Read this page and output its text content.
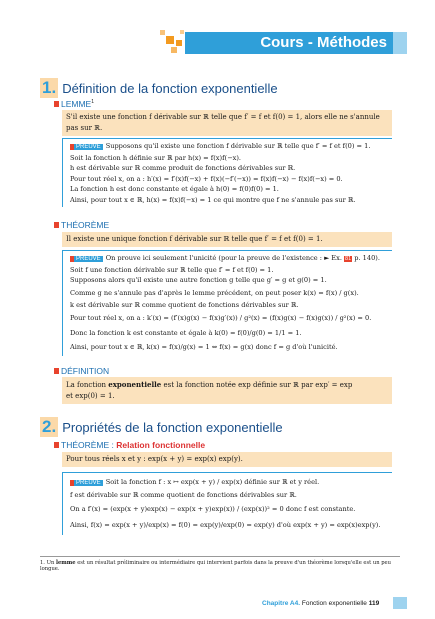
Cours - Méthodes
1. Définition de la fonction exponentielle
LEMME$^1$
S'il existe une fonction f dérivable sur ℝ telle que f′ = f et f(0) = 1, alors elle ne s'annule pas sur ℝ.
PREUVE Supposons qu'il existe une fonction f dérivable sur ℝ telle que f′ = f et f(0) = 1.
Soit la fonction h définie sur ℝ par h(x) = f(x)f(−x).
h est dérivable sur ℝ comme produit de fonctions dérivables sur ℝ.
Pour tout réel x, on a : h′(x) = f′(x)f(−x) + f(x)(−f′(−x)) = f(x)f(−x) − f(x)f(−x) = 0.
La fonction h est donc constante et égale à h(0) = f(0)f(0) = 1.
Ainsi, pour tout x ∈ ℝ, h(x) = f(x)f(−x) = 1 ce qui montre que f ne s'annule pas sur ℝ.
THÉORÈME
Il existe une unique fonction f dérivable sur ℝ telle que f′ = f et f(0) = 1.
PREUVE On prouve ici seulement l'unicité (pour la preuve de l'existence : ► Ex. 81 p. 140).
Soit f une fonction dérivable sur ℝ telle que f′ = f et f(0) = 1.
Supposons alors qu'il existe une autre fonction g telle que g′ = g et g(0) = 1.
Comme g ne s'annule pas d'après le lemme précédent, on peut poser k(x) = f(x) / g(x).
k est dérivable sur ℝ comme quotient de fonctions dérivables sur ℝ.
Pour tout réel x, on a : k′(x) = (f′(x)g(x) − f(x)g′(x)) / g²(x) = (f(x)g(x) − f(x)g(x)) / g²(x) = 0.
Donc la fonction k est constante et égale à k(0) = f(0)/g(0) = 1/1 = 1.
Ainsi, pour tout x ∈ ℝ, k(x) = f(x)/g(x) = 1 ⇔ f(x) = g(x) donc f = g d'où l'unicité.
DÉFINITION
La fonction exponentielle est la fonction notée exp définie sur ℝ par exp′ = exp
et exp(0) = 1.
2. Propriétés de la fonction exponentielle
THÉORÈME : Relation fonctionnelle
Pour tous réels x et y : exp(x + y) = exp(x) exp(y).
PREUVE Soit la fonction f : x ↦ exp(x + y) / exp(x) définie sur ℝ et y réel.
f est dérivable sur ℝ comme quotient de fonctions dérivables sur ℝ.
On a f′(x) = (exp(x + y)exp(x) − exp(x + y)exp(x)) / (exp(x))² = 0 donc f est constante.
Ainsi, f(x) = exp(x + y)/exp(x) = f(0) = exp(y)/exp(0) = exp(y) d'où exp(x + y) = exp(x)exp(y).
1. Un lemme est un résultat préliminaire ou intermédiaire qui intervient parfois dans la preuve d'un théorème lorsqu'elle est un peu longue.
Chapitre A4. Fonction exponentielle 119
